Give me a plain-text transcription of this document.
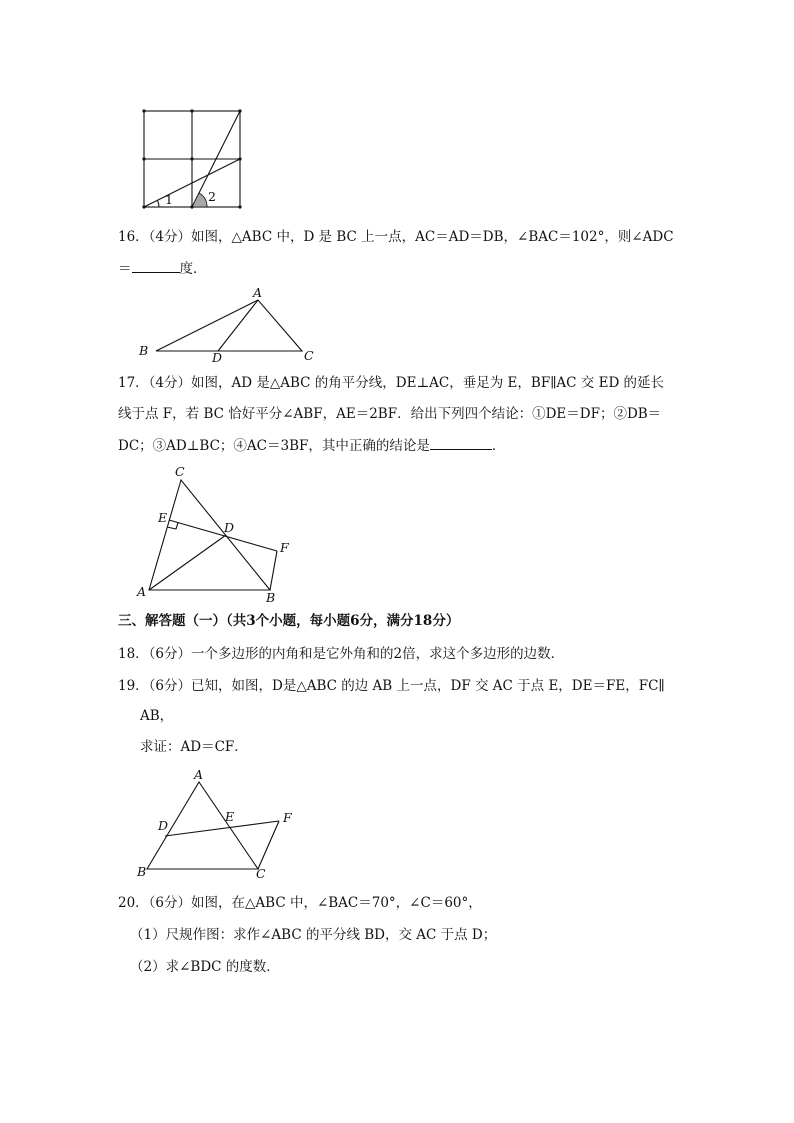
1	2
16．（4分）如图，△ABC 中，D 是 BC 上一点，AC＝AD＝DB，∠BAC＝102°，则∠ADC
＝	度．
A
B	C
D
17．（4分）如图，AD 是△ABC 的角平分线，DE⊥AC，垂足为 E，BF∥AC 交 ED 的延长
线于点 F，若 BC 恰好平分∠ABF，AE＝2BF．给出下列四个结论：①DE＝DF；②DB＝
DC；③AD⊥BC；④AC＝3BF，其中正确的结论是	．
C
E
D
F
A	B
三、解答题（一）（共3个小题，每小题6分，满分18分）
18．（6分）一个多边形的内角和是它外角和的2倍，求这个多边形的边数．
19．（6分）已知，如图，D是△ABC 的边 AB 上一点，DF 交 AC 于点 E，DE＝FE，FC∥
AB，
求证：AD＝CF．
A
D
E	F
B	C
20．（6分）如图，在△ABC 中，∠BAC＝70°，∠C＝60°，
（1）尺规作图：求作∠ABC 的平分线 BD，交 AC 于点 D；
（2）求∠BDC 的度数．
